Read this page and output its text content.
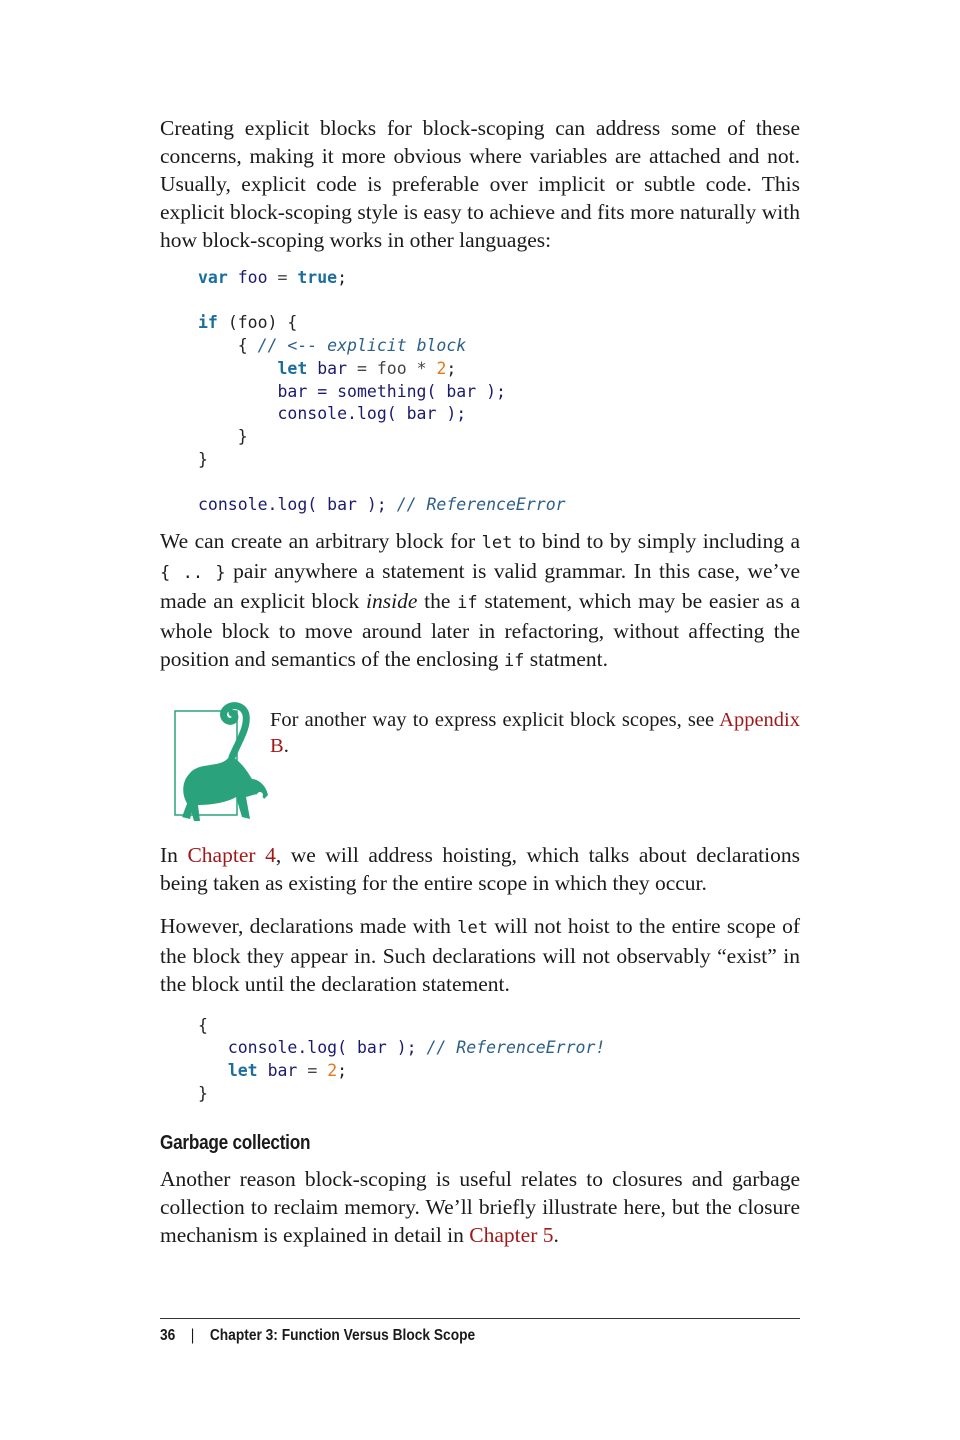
Creating explicit blocks for block-scoping can address some of these concerns, making it more obvious where variables are attached and not. Usually, explicit code is preferable over implicit or subtle code. This explicit block-scoping style is easy to achieve and fits more naturally with how block-scoping works in other languages:

var foo = true;

if (foo) {
{ // <-- explicit block
let bar = foo * 2;
bar = something( bar );
console.log( bar );
}
}

console.log( bar ); // ReferenceError

We can create an arbitrary block for let to bind to by simply including a { .. } pair anywhere a statement is valid grammar. In this case, we’ve made an explicit block inside the if statement, which may be easier as a whole block to move around later in refactoring, without affecting the position and semantics of the enclosing if statment.

For another way to express explicit block scopes, see Appendix B.

In Chapter 4, we will address hoisting, which talks about declarations being taken as existing for the entire scope in which they occur.

However, declarations made with let will not hoist to the entire scope of the block they appear in. Such declarations will not observably “exist” in the block until the declaration statement.

{
console.log( bar ); // ReferenceError!
let bar = 2;
}
Garbage collection

Another reason block-scoping is useful relates to closures and garbage collection to reclaim memory. We’ll briefly illustrate here, but the closure mechanism is explained in detail in Chapter 5.

36 | Chapter 3: Function Versus Block Scope
